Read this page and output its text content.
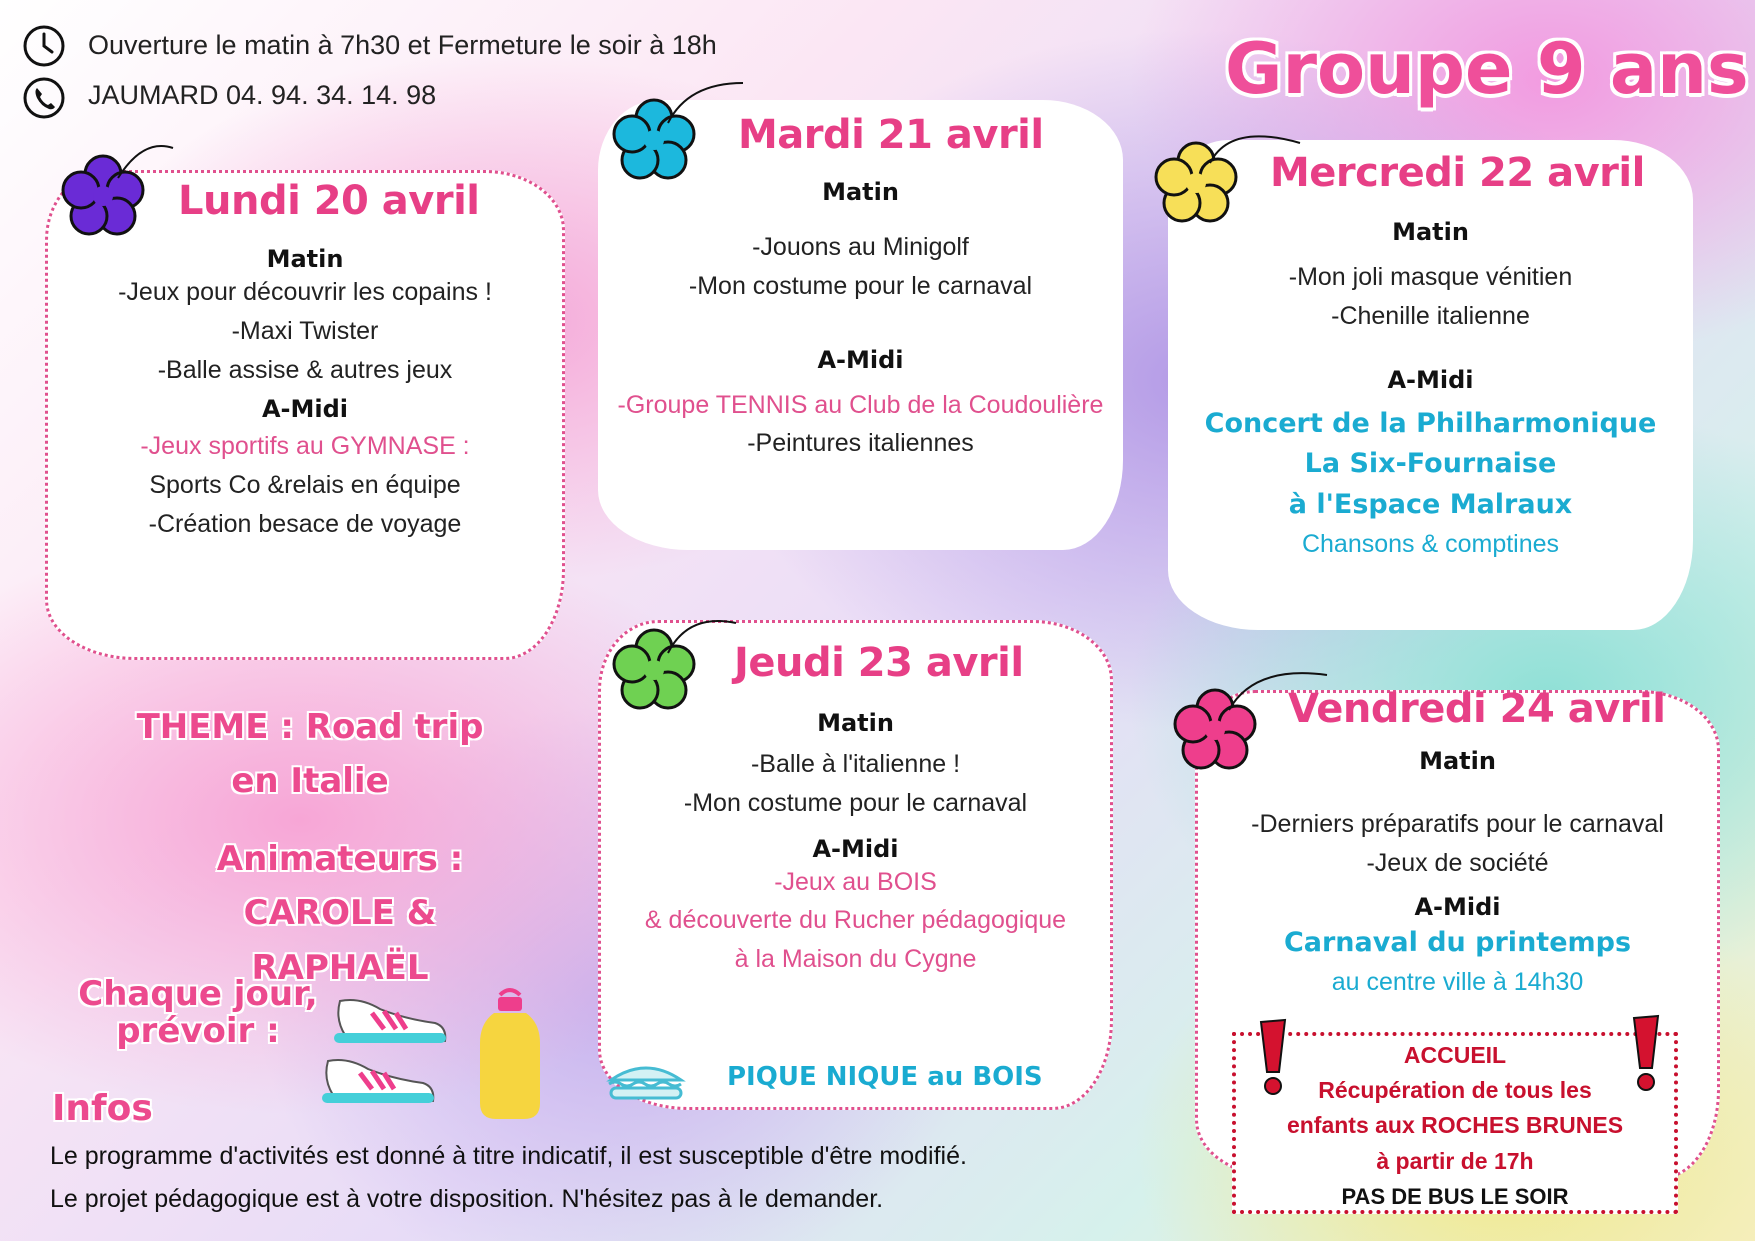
Ouverture le matin à 7h30 et Fermeture le soir à 18h
JAUMARD 04. 94. 34. 14. 98	Groupe 9 ans
Matin
-Jeux pour découvrir les copains !
-Maxi Twister
-Balle assise & autres jeux
A-Midi
-Jeux sportifs au GYMNASE :
Sports Co &relais en équipe
-Création besace de voyage
Lundi 20 avril	Matin
-Jouons au Minigolf
-Mon costume pour le carnaval
A-Midi
-Groupe TENNIS au Club de la Coudoulière
-Peintures italiennes
Mardi 21 avril
Matin
-Mon joli masque vénitien
-Chenille italienne
A-Midi
Concert de la Philharmonique
La Six-Fournaise
à l'Espace Malraux
Chansons & comptines
Mercredi 22 avril
Matin
-Balle à l'italienne !
-Mon costume pour le carnaval
A-Midi
-Jeux au BOIS
& découverte du Rucher pédagogique
à la Maison du Cygne
Jeudi 23 avril
PIQUE NIQUE au BOIS
Matin
-Derniers préparatifs pour le carnaval
-Jeux de société
A-Midi
Carnaval du printemps
au centre ville à 14h30
Vendredi 24 avril
ACCUEIL
Récupération de tous les
enfants aux ROCHES BRUNES
à partir de 17h
PAS DE BUS LE SOIR
THEME : Road trip
en Italie
Animateurs :
CAROLE & RAPHAËL
Chaque jour,
prévoir :
Infos
Le programme d'activités est donné à titre indicatif, il est susceptible d'être modifié.
Le projet pédagogique est à votre disposition. N'hésitez pas à le demander.
